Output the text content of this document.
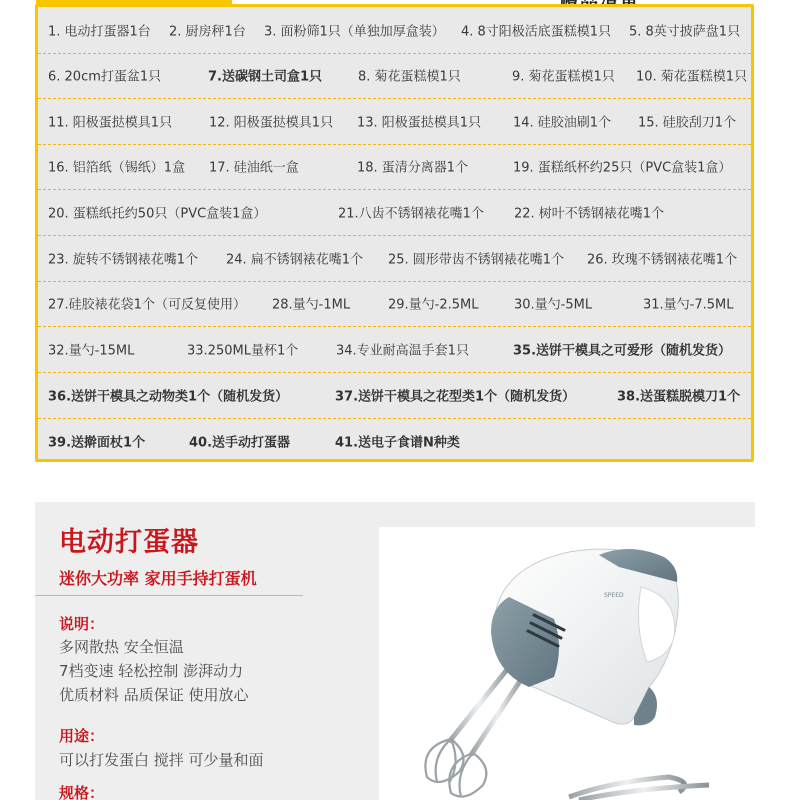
1. 电动打蛋器1台 2. 厨房秤1台 3. 面粉筛1只（单独加厚盒装） 4. 8寸阳极活底蛋糕模1只 5. 8英寸披萨盘1只
6. 20cm打蛋盆1只	7.送碳钢土司盒1只	8. 菊花蛋糕模1只	9. 菊花蛋糕模1只 10. 菊花蛋糕模1只
11. 阳极蛋挞模具1只	12. 阳极蛋挞模具1只 13. 阳极蛋挞模具1只 14. 硅胶油刷1个 15. 硅胶刮刀1个
16. 铝箔纸（锡纸）1盒 17. 硅油纸一盒	18. 蛋清分离器1个	19. 蛋糕纸杯约25只（PVC盒装1盒）
20. 蛋糕纸托约50只（PVC盒装1盒）	21.八齿不锈钢裱花嘴1个 22. 树叶不锈钢裱花嘴1个
23. 旋转不锈钢裱花嘴1个 24. 扁不锈钢裱花嘴1个 25. 圆形带齿不锈钢裱花嘴1个 26. 玫瑰不锈钢裱花嘴1个
27.硅胶裱花袋1个（可反复使用） 28.量勺-1ML	29.量勺-2.5ML	30.量勺-5ML	31.量勺-7.5ML
32.量勺-15ML	33.250ML量杯1个	34.专业耐高温手套1只	35.送饼干模具之可爱形（随机发货）
36.送饼干模具之动物类1个（随机发货）	37.送饼干模具之花型类1个（随机发货）	38.送蛋糕脱模刀1个
39.送擀面杖1个	40.送手动打蛋器	41.送电子食谱N种类
电动打蛋器
迷你大功率 家用手持打蛋机
说明：
多网散热 安全恒温
7档变速 轻松控制 澎湃动力
优质材料 品质保证 使用放心
用途：
可以打发蛋白 搅拌 可少量和面
规格：
SPEED
